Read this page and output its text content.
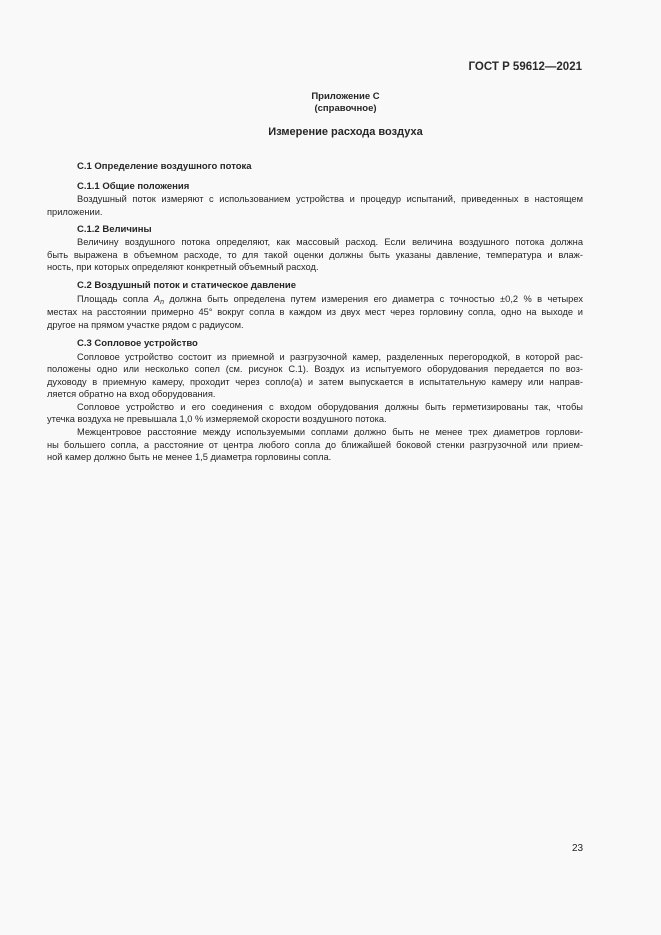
ГОСТ Р 59612—2021
Приложение С
(справочное)
Измерение расхода воздуха
С.1 Определение воздушного потока
С.1.1 Общие положения
Воздушный поток измеряют с использованием устройства и процедур испытаний, приведенных в настоящем
приложении.
С.1.2 Величины
Величину воздушного потока определяют, как массовый расход. Если величина воздушного потока должна
быть выражена в объемном расходе, то для такой оценки должны быть указаны давление, температура и влаж-
ность, при которых определяют конкретный объемный расход.
С.2 Воздушный поток и статическое давление
Площадь сопла $A_n$ должна быть определена путем измерения его диаметра с точностью ±0,2 % в четырех
местах на расстоянии примерно 45° вокруг сопла в каждом из двух мест через горловину сопла, одно на выходе и
другое на прямом участке рядом с радиусом.
С.3 Сопловое устройство
Сопловое устройство состоит из приемной и разгрузочной камер, разделенных перегородкой, в которой рас-
положены одно или несколько сопел (см. рисунок С.1). Воздух из испытуемого оборудования передается по воз-
духоводу в приемную камеру, проходит через сопло(а) и затем выпускается в испытательную камеру или направ-
ляется обратно на вход оборудования.
Сопловое устройство и его соединения с входом оборудования должны быть герметизированы так, чтобы
утечка воздуха не превышала 1,0 % измеряемой скорости воздушного потока.
Межцентровое расстояние между используемыми соплами должно быть не менее трех диаметров горлови-
ны большего сопла, а расстояние от центра любого сопла до ближайшей боковой стенки разгрузочной или прием-
ной камер должно быть не менее 1,5 диаметра горловины сопла.
23
